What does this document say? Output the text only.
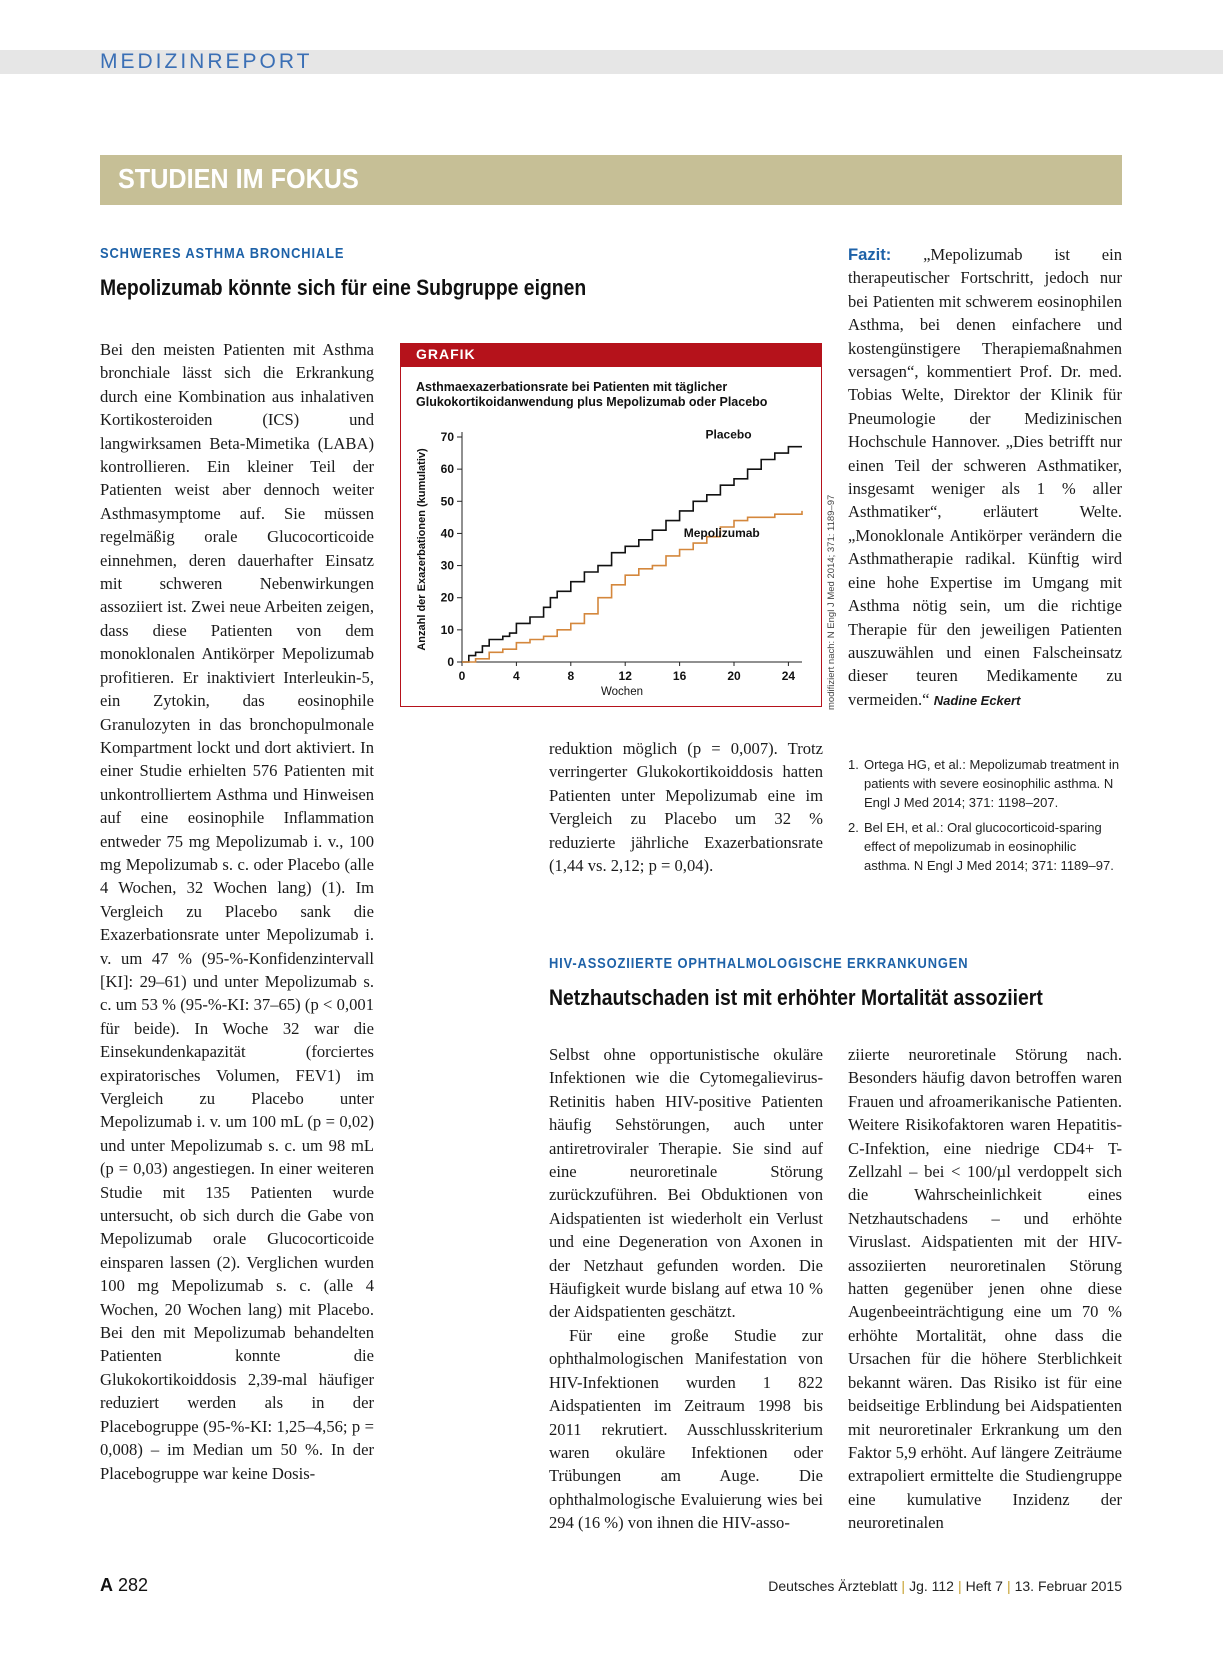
MEDIZINREPORT
STUDIEN IM FOKUS
SCHWERES ASTHMA BRONCHIALE
Mepolizumab könnte sich für eine Subgruppe eignen

Bei den meisten Patienten mit Asthma bronchiale lässt sich die Erkrankung durch eine Kombination aus inhalativen Kortikosteroiden (ICS) und langwirksamen Beta-Mimetika (LABA) kontrollieren. Ein kleiner Teil der Patienten weist aber dennoch weiter Asthmasymptome auf. Sie müssen regelmäßig orale Glucocorticoide einnehmen, deren dauerhafter Einsatz mit schweren Nebenwirkungen assoziiert ist. Zwei neue Arbeiten zeigen, dass diese Patienten von dem monoklonalen Antikörper Mepolizumab profitieren. Er inaktiviert Interleukin-5, ein Zytokin, das eosinophile Granulozyten in das bronchopulmonale Kompartment lockt und dort aktiviert. In einer Studie erhielten 576 Patienten mit unkontrolliertem Asthma und Hinweisen auf eine eosinophile Inflammation entweder 75 mg Mepolizumab i. v., 100 mg Mepolizumab s. c. oder Placebo (alle 4 Wochen, 32 Wochen lang) (1). Im Vergleich zu Placebo sank die Exazerbationsrate unter Mepolizumab i. v. um 47 % (95-%-Konfidenzintervall [KI]: 29–61) und unter Mepolizumab s. c. um 53 % (95-%-KI: 37–65) (p < 0,001 für beide). In Woche 32 war die Einsekundenkapazität (forciertes expiratorisches Volumen, FEV1) im Vergleich zu Placebo unter Mepolizumab i. v. um 100 mL (p = 0,02) und unter Mepolizumab s. c. um 98 mL (p = 0,03) angestiegen. In einer weiteren Studie mit 135 Patienten wurde untersucht, ob sich durch die Gabe von Mepolizumab orale Glucocorticoide einsparen lassen (2). Verglichen wurden 100 mg Mepolizumab s. c. (alle 4 Wochen, 20 Wochen lang) mit Placebo. Bei den mit Mepolizumab behandelten Patienten konnte die Glukokortikoiddosis 2,39-mal häufiger reduziert werden als in der Placebogruppe (95-%-KI: 1,25–4,56; p = 0,008) – im Median um 50 %. In der Placebogruppe war keine Dosis-

GRAFIK
Asthmaexazerbationsrate bei Patienten mit täglicher Glukokortikoidanwendung plus Mepolizumab oder Placebo
0
10
20
30
40
50
60
70
0	4	8	12	16	20	24
Wochen
Anzahl der Exazerbationen (kumulativ)
Placebo
Mepolizumab	modifiziert nach: N Engl J Med 2014; 371: 1189–97

reduktion möglich (p = 0,007). Trotz verringerter Glukokortikoiddosis hatten Patienten unter Mepolizumab eine im Vergleich zu Placebo um 32 % reduzierte jährliche Exazerbationsrate (1,44 vs. 2,12; p = 0,04).

Fazit: „Mepolizumab ist ein therapeutischer Fortschritt, jedoch nur bei Patienten mit schwerem eosinophilen Asthma, bei denen einfachere und kostengünstigere Therapiemaßnahmen versagen“, kommentiert Prof. Dr. med. Tobias Welte, Direktor der Klinik für Pneumologie der Medizinischen Hochschule Hannover. „Dies betrifft nur einen Teil der schweren Asthmatiker, insgesamt weniger als 1 % aller Asthmatiker“, erläutert Welte. „Monoklonale Antikörper verändern die Asthmatherapie radikal. Künftig wird eine hohe Expertise im Umgang mit Asthma nötig sein, um die richtige Therapie für den jeweiligen Patienten auszuwählen und einen Falscheinsatz dieser teuren Medikamente zu vermeiden.“ Nadine Eckert

1. Ortega HG, et al.: Mepolizumab treatment in patients with severe eosinophilic asthma. N Engl J Med 2014; 371: 1198–207.
2. Bel EH, et al.: Oral glucocorticoid-sparing effect of mepolizumab in eosinophilic asthma. N Engl J Med 2014; 371: 1189–97.
HIV-ASSOZIIERTE OPHTHALMOLOGISCHE ERKRANKUNGEN
Netzhautschaden ist mit erhöhter Mortalität assoziiert

Selbst ohne opportunistische okuläre Infektionen wie die Cytomegalievirus-Retinitis haben HIV-positive Patienten häufig Sehstörungen, auch unter antiretroviraler Therapie. Sie sind auf eine neuroretinale Störung zurückzuführen. Bei Obduktionen von Aidspatienten ist wiederholt ein Verlust und eine Degeneration von Axonen in der Netzhaut gefunden worden. Die Häufigkeit wurde bislang auf etwa 10 % der Aidspatienten geschätzt.

Für eine große Studie zur ophthalmologischen Manifestation von HIV-Infektionen wurden 1 822 Aidspatienten im Zeitraum 1998 bis 2011 rekrutiert. Ausschlusskriterium waren okuläre Infektionen oder Trübungen am Auge. Die ophthalmologische Evaluierung wies bei 294 (16 %) von ihnen die HIV-asso-

ziierte neuroretinale Störung nach. Besonders häufig davon betroffen waren Frauen und afroamerikanische Patienten. Weitere Risikofaktoren waren Hepatitis-C-Infektion, eine niedrige CD4+ T-Zellzahl – bei < 100/µl verdoppelt sich die Wahrscheinlichkeit eines Netzhautschadens – und erhöhte Viruslast. Aidspatienten mit der HIV-assoziierten neuroretinalen Störung hatten gegenüber jenen ohne diese Augenbeeinträchtigung eine um 70 % erhöhte Mortalität, ohne dass die Ursachen für die höhere Sterblichkeit bekannt wären. Das Risiko ist für eine beidseitige Erblindung bei Aidspatienten mit neuroretinaler Erkrankung um den Faktor 5,9 erhöht. Auf längere Zeiträume extrapoliert ermittelte die Studiengruppe eine kumulative Inzidenz der neuroretinalen

A 282	Deutsches Ärzteblatt | Jg. 112 | Heft 7 | 13. Februar 2015
